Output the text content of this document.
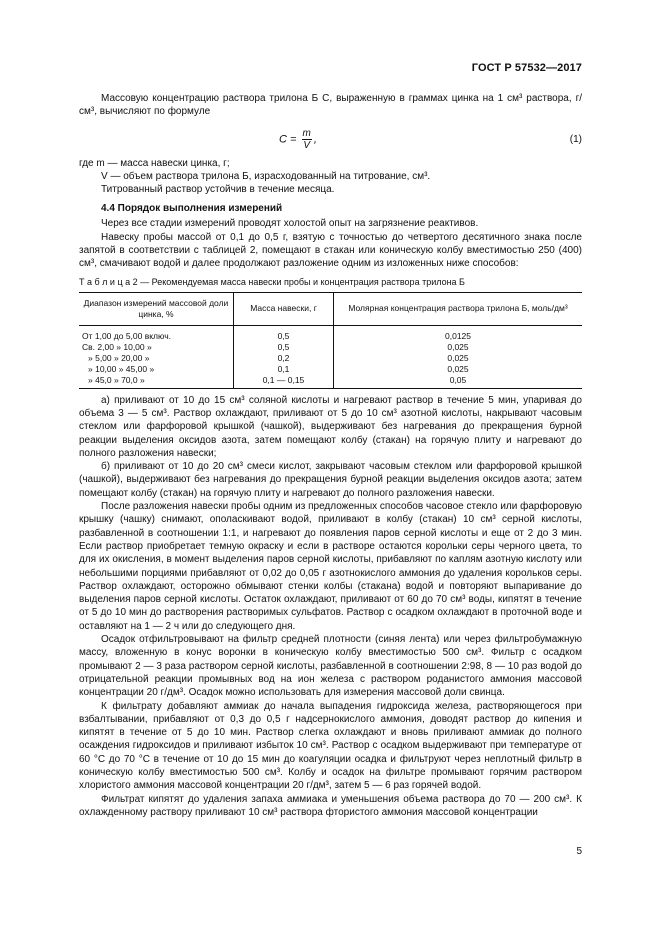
ГОСТ Р 57532—2017

Массовую концентрацию раствора трилона Б C, выраженную в граммах цинка на 1 см³ раствора, г/см³, вычисляют по формуле

$C = \frac{m}{V}$ ,	(1)

где m — масса навески цинка, г;

V — объем раствора трилона Б, израсходованный на титрование, см³.

Титрованный раствор устойчив в течение месяца.

4.4 Порядок выполнения измерений

Через все стадии измерений проводят холостой опыт на загрязнение реактивов.

Навеску пробы массой от 0,1 до 0,5 г, взятую с точностью до четвертого десятичного знака после запятой в соответствии с таблицей 2, помещают в стакан или коническую колбу вместимостью 250 (400) см³, смачивают водой и далее продолжают разложение одним из изложенных ниже способов:

Т а б л и ц а 2 — Рекомендуемая масса навески пробы и концентрация раствора трилона Б
Диапазон измерений массовой доли цинка, %	Масса навески, г	Молярная концентрация раствора трилона Б, моль/дм³
От 1,00 до 5,00 включ.	0,5	0,0125
Св. 2,00 » 10,00 »	0,5	0,025
» 5,00 » 20,00 »	0,2	0,025
» 10,00 » 45,00 »	0,1	0,025
» 45,0 » 70,0 »	0,1 — 0,15	0,05

а) приливают от 10 до 15 см³ соляной кислоты и нагревают раствор в течение 5 мин, упаривая до объема 3 — 5 см³. Раствор охлаждают, приливают от 5 до 10 см³ азотной кислоты, накрывают часовым стеклом или фарфоровой крышкой (чашкой), выдерживают без нагревания до прекращения бурной реакции выделения оксидов азота, затем помещают колбу (стакан) на горячую плиту и нагревают до полного разложения навески;

б) приливают от 10 до 20 см³ смеси кислот, закрывают часовым стеклом или фарфоровой крышкой (чашкой), выдерживают без нагревания до прекращения бурной реакции выделения оксидов азота; затем помещают колбу (стакан) на горячую плиту и нагревают до полного разложения навески.

После разложения навески пробы одним из предложенных способов часовое стекло или фарфоровую крышку (чашку) снимают, ополаскивают водой, приливают в колбу (стакан) 10 см³ серной кислоты, разбавленной в соотношении 1:1, и нагревают до появления паров серной кислоты и еще от 2 до 3 мин. Если раствор приобретает темную окраску и если в растворе остаются корольки серы черного цвета, то для их окисления, в момент выделения паров серной кислоты, прибавляют по каплям азотную кислоту или небольшими порциями прибавляют от 0,02 до 0,05 г азотнокислого аммония до удаления корольков серы. Раствор охлаждают, осторожно обмывают стенки колбы (стакана) водой и повторяют выпаривание до выделения паров серной кислоты. Остаток охлаждают, приливают от 60 до 70 см³ воды, кипятят в течение от 5 до 10 мин до растворения растворимых сульфатов. Раствор с осадком охлаждают в проточной воде и оставляют на 1 — 2 ч или до следующего дня.

Осадок отфильтровывают на фильтр средней плотности (синяя лента) или через фильтробумажную массу, вложенную в конус воронки в коническую колбу вместимостью 500 см³. Фильтр с осадком промывают 2 — 3 раза раствором серной кислоты, разбавленной в соотношении 2:98, 8 — 10 раз водой до отрицательной реакции промывных вод на ион железа с раствором роданистого аммония массовой концентрации 20 г/дм³. Осадок можно использовать для измерения массовой доли свинца.

К фильтрату добавляют аммиак до начала выпадения гидроксида железа, растворяющегося при взбалтывании, прибавляют от 0,3 до 0,5 г надсернокислого аммония, доводят раствор до кипения и кипятят в течение от 5 до 10 мин. Раствор слегка охлаждают и вновь приливают аммиак до полного осаждения гидроксидов и приливают избыток 10 см³. Раствор с осадком выдерживают при температуре от 60 °С до 70 °С в течение от 10 до 15 мин до коагуляции осадка и фильтруют через неплотный фильтр в коническую колбу вместимостью 500 см³. Колбу и осадок на фильтре промывают горячим раствором хлористого аммония массовой концентрации 20 г/дм³, затем 5 — 6 раз горячей водой.

Фильтрат кипятят до удаления запаха аммиака и уменьшения объема раствора до 70 — 200 см³. К охлажденному раствору приливают 10 см³ раствора фтористого аммония массовой концентрации

5
